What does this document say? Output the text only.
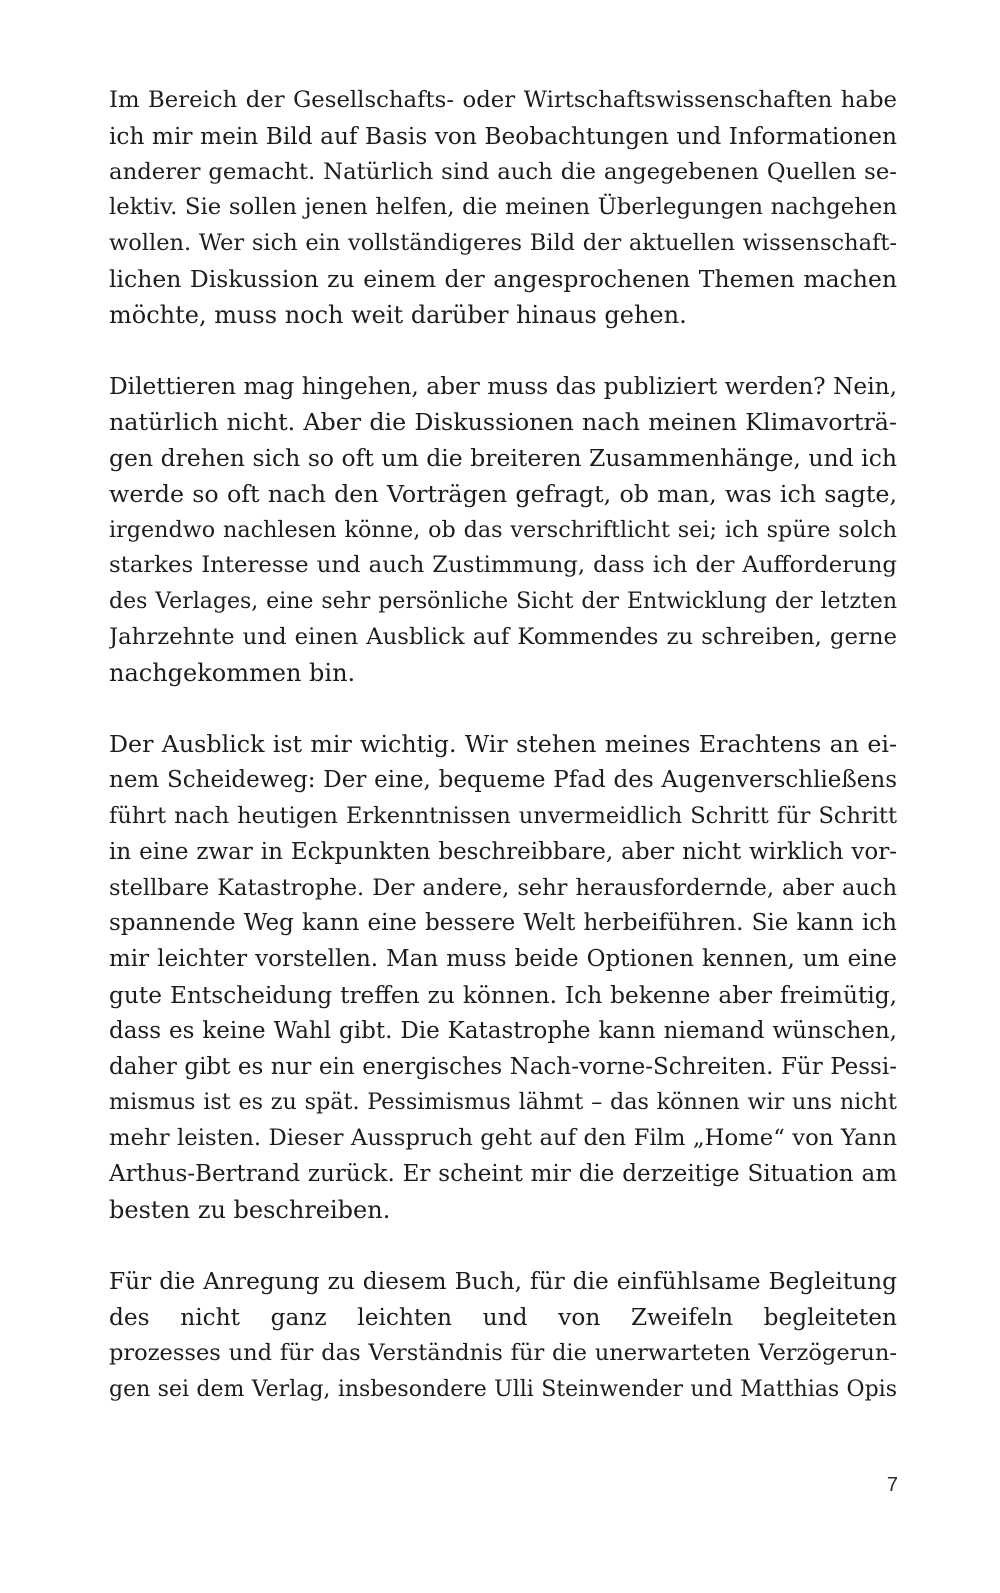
Im Bereich der Gesellschafts- oder Wirtschaftswissenschaften habe
ich mir mein Bild auf Basis von Beobachtungen und Informationen
anderer gemacht. Natürlich sind auch die angegebenen Quellen se-
lektiv. Sie sollen jenen helfen, die meinen Überlegungen nachgehen
wollen. Wer sich ein vollständigeres Bild der aktuellen wissenschaft-
lichen Diskussion zu einem der angesprochenen Themen machen
möchte, muss noch weit darüber hinaus gehen.

Dilettieren mag hingehen, aber muss das publiziert werden? Nein,
natürlich nicht. Aber die Diskussionen nach meinen Klimavorträ-
gen drehen sich so oft um die breiteren Zusammenhänge, und ich
werde so oft nach den Vorträgen gefragt, ob man, was ich sagte,
irgendwo nachlesen könne, ob das verschriftlicht sei; ich spüre solch
starkes Interesse und auch Zustimmung, dass ich der Aufforderung
des Verlages, eine sehr persönliche Sicht der Entwicklung der letzten
Jahrzehnte und einen Ausblick auf Kommendes zu schreiben, gerne
nachgekommen bin.

Der Ausblick ist mir wichtig. Wir stehen meines Erachtens an ei-
nem Scheideweg: Der eine, bequeme Pfad des Augenverschließens
führt nach heutigen Erkenntnissen unvermeidlich Schritt für Schritt
in eine zwar in Eckpunkten beschreibbare, aber nicht wirklich vor-
stellbare Katastrophe. Der andere, sehr herausfordernde, aber auch
spannende Weg kann eine bessere Welt herbeiführen. Sie kann ich
mir leichter vorstellen. Man muss beide Optionen kennen, um eine
gute Entscheidung treffen zu können. Ich bekenne aber freimütig,
dass es keine Wahl gibt. Die Katastrophe kann niemand wünschen,
daher gibt es nur ein energisches Nach-vorne-Schreiten. Für Pessi-
mismus ist es zu spät. Pessimismus lähmt – das können wir uns nicht
mehr leisten. Dieser Ausspruch geht auf den Film „Home“ von Yann
Arthus-Bertrand zurück. Er scheint mir die derzeitige Situation am
besten zu beschreiben.

Für die Anregung zu diesem Buch, für die einfühlsame Begleitung
des nicht ganz leichten und von Zweifeln begleiteten
prozesses und für das Verständnis für die unerwarteten Verzögerun-
gen sei dem Verlag, insbesondere Ulli Steinwender und Matthias Opis

7
